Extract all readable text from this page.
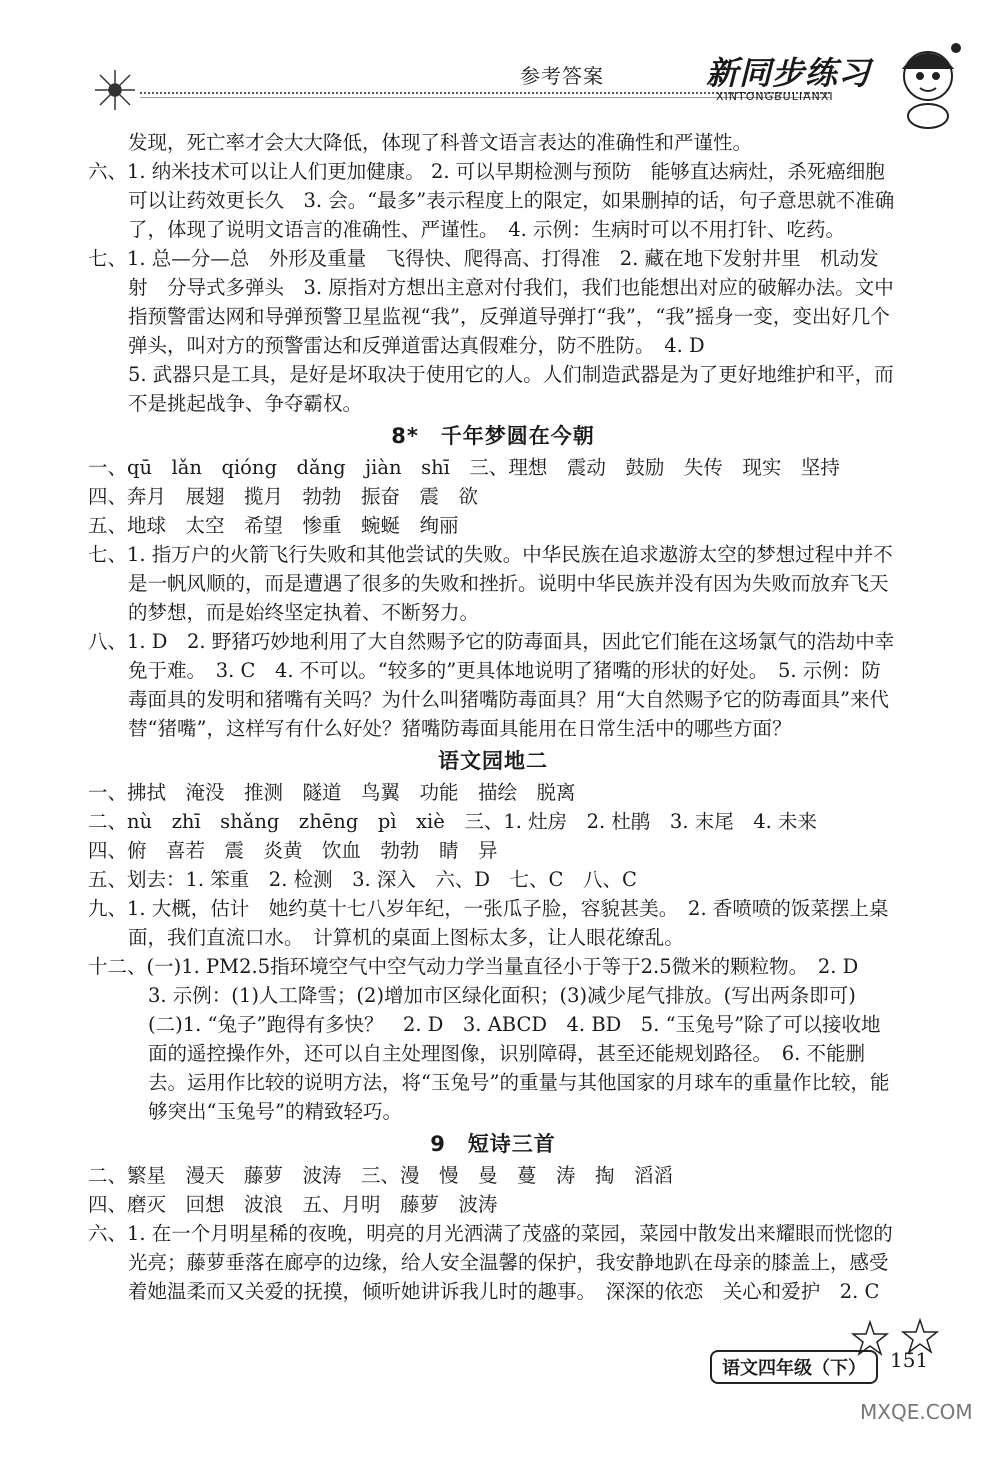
参考答案	新同步练习
XINTONGBULIANXI

发现，死亡率才会大大降低，体现了科普文语言表达的准确性和严谨性。

六、1. 纳米技术可以让人们更加健康。 2. 可以早期检测与预防　能够直达病灶，杀死癌细胞　可以让药效更长久　3. 会。“最多”表示程度上的限定，如果删掉的话，句子意思就不准确了，体现了说明文语言的准确性、严谨性。　4. 示例：生病时可以不用打针、吃药。

七、1. 总—分—总　外形及重量　飞得快、爬得高、打得准　2. 藏在地下发射井里　机动发射　分导式多弹头　3. 原指对方想出主意对付我们，我们也能想出对应的破解办法。文中指预警雷达网和导弹预警卫星监视“我”，反弹道导弹打“我”，“我”摇身一变，变出好几个弹头，叫对方的预警雷达和反弹道雷达真假难分，防不胜防。　4. D

5. 武器只是工具，是好是坏取决于使用它的人。人们制造武器是为了更好地维护和平，而不是挑起战争、争夺霸权。

8*　千年梦圆在今朝

一、qū　lǎn　qióng　dǎng　jiàn　shī　三、理想　震动　鼓励　失传　现实　坚持

四、奔月　展翅　揽月　勃勃　振奋　震　欲

五、地球　太空　希望　惨重　蜿蜒　绚丽

七、1. 指万户的火箭飞行失败和其他尝试的失败。中华民族在追求遨游太空的梦想过程中并不是一帆风顺的，而是遭遇了很多的失败和挫折。说明中华民族并没有因为失败而放弃飞天的梦想，而是始终坚定执着、不断努力。

八、1. D　2. 野猪巧妙地利用了大自然赐予它的防毒面具，因此它们能在这场氯气的浩劫中幸免于难。　3. C　4. 不可以。“较多的”更具体地说明了猪嘴的形状的好处。　5. 示例：防毒面具的发明和猪嘴有关吗？为什么叫猪嘴防毒面具？用“大自然赐予它的防毒面具”来代替“猪嘴”，这样写有什么好处？猪嘴防毒面具能用在日常生活中的哪些方面？

语文园地二

一、拂拭　淹没　推测　隧道　鸟翼　功能　描绘　脱离

二、nù　zhī　shǎng　zhēng　pì　xiè　三、1. 灶房　2. 杜鹃　3. 末尾　4. 未来

四、俯　喜若　震　炎黄　饮血　勃勃　睛　异

五、划去：1. 笨重　2. 检测　3. 深入　六、D　七、C　八、C

九、1. 大概，估计　她约莫十七八岁年纪，一张瓜子脸，容貌甚美。　2. 香喷喷的饭菜摆上桌面，我们直流口水。　计算机的桌面上图标太多，让人眼花缭乱。

十二、(一)1. PM2.5指环境空气中空气动力学当量直径小于等于2.5微米的颗粒物。　2. D

3. 示例：(1)人工降雪；(2)增加市区绿化面积；(3)减少尾气排放。(写出两条即可)

(二)1. “兔子”跑得有多快？　2. D　3. ABCD　4. BD　5. “玉兔号”除了可以接收地面的遥控操作外，还可以自主处理图像，识别障碍，甚至还能规划路径。　6. 不能删去。运用作比较的说明方法，将“玉兔号”的重量与其他国家的月球车的重量作比较，能够突出“玉兔号”的精致轻巧。

9　短诗三首

二、繁星　漫天　藤萝　波涛　三、漫　慢　曼　蔓　涛　掏　滔滔

四、磨灭　回想　波浪　五、月明　藤萝　波涛

六、1. 在一个月明星稀的夜晚，明亮的月光洒满了茂盛的菜园，菜园中散发出来耀眼而恍惚的光亮；藤萝垂落在廊亭的边缘，给人安全温馨的保护，我安静地趴在母亲的膝盖上，感受着她温柔而又关爱的抚摸，倾听她讲诉我儿时的趣事。　深深的依恋　关心和爱护　2. C

语文四年级（下）	151
MXQE.COM
